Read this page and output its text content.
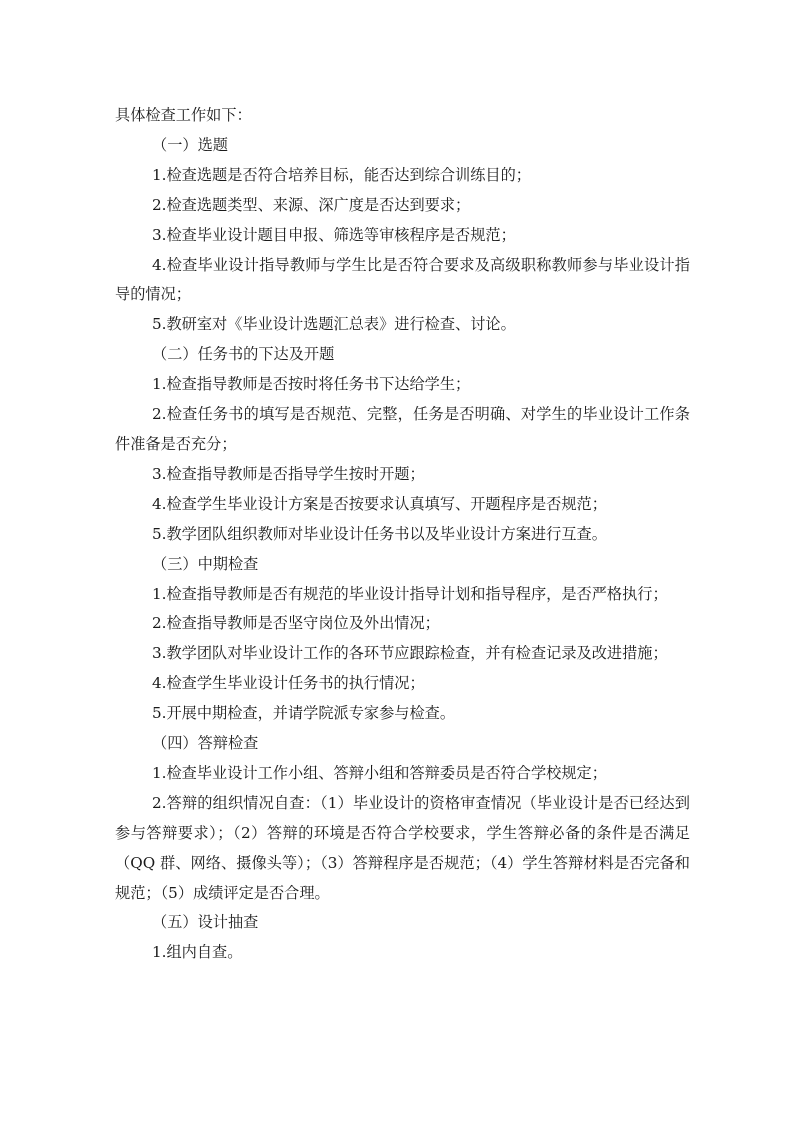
具体检查工作如下：

（一）选题

1.检查选题是否符合培养目标，能否达到综合训练目的；

2.检查选题类型、来源、深广度是否达到要求；

3.检查毕业设计题目申报、筛选等审核程序是否规范；

4.检查毕业设计指导教师与学生比是否符合要求及高级职称教师参与毕业设计指导的情况；

5.教研室对《毕业设计选题汇总表》进行检查、讨论。

（二）任务书的下达及开题

1.检查指导教师是否按时将任务书下达给学生；

2.检查任务书的填写是否规范、完整，任务是否明确、对学生的毕业设计工作条件准备是否充分；

3.检查指导教师是否指导学生按时开题；

4.检查学生毕业设计方案是否按要求认真填写、开题程序是否规范；

5.教学团队组织教师对毕业设计任务书以及毕业设计方案进行互查。

（三）中期检查

1.检查指导教师是否有规范的毕业设计指导计划和指导程序，是否严格执行；

2.检查指导教师是否坚守岗位及外出情况；

3.教学团队对毕业设计工作的各环节应跟踪检查，并有检查记录及改进措施；

4.检查学生毕业设计任务书的执行情况；

5.开展中期检查，并请学院派专家参与检查。

（四）答辩检查

1.检查毕业设计工作小组、答辩小组和答辩委员是否符合学校规定；

2.答辩的组织情况自查：（1）毕业设计的资格审查情况（毕业设计是否已经达到参与答辩要求）；（2）答辩的环境是否符合学校要求，学生答辩必备的条件是否满足（QQ 群、网络、摄像头等）；（3）答辩程序是否规范；（4）学生答辩材料是否完备和规范；（5）成绩评定是否合理。

（五）设计抽查

1.组内自查。
